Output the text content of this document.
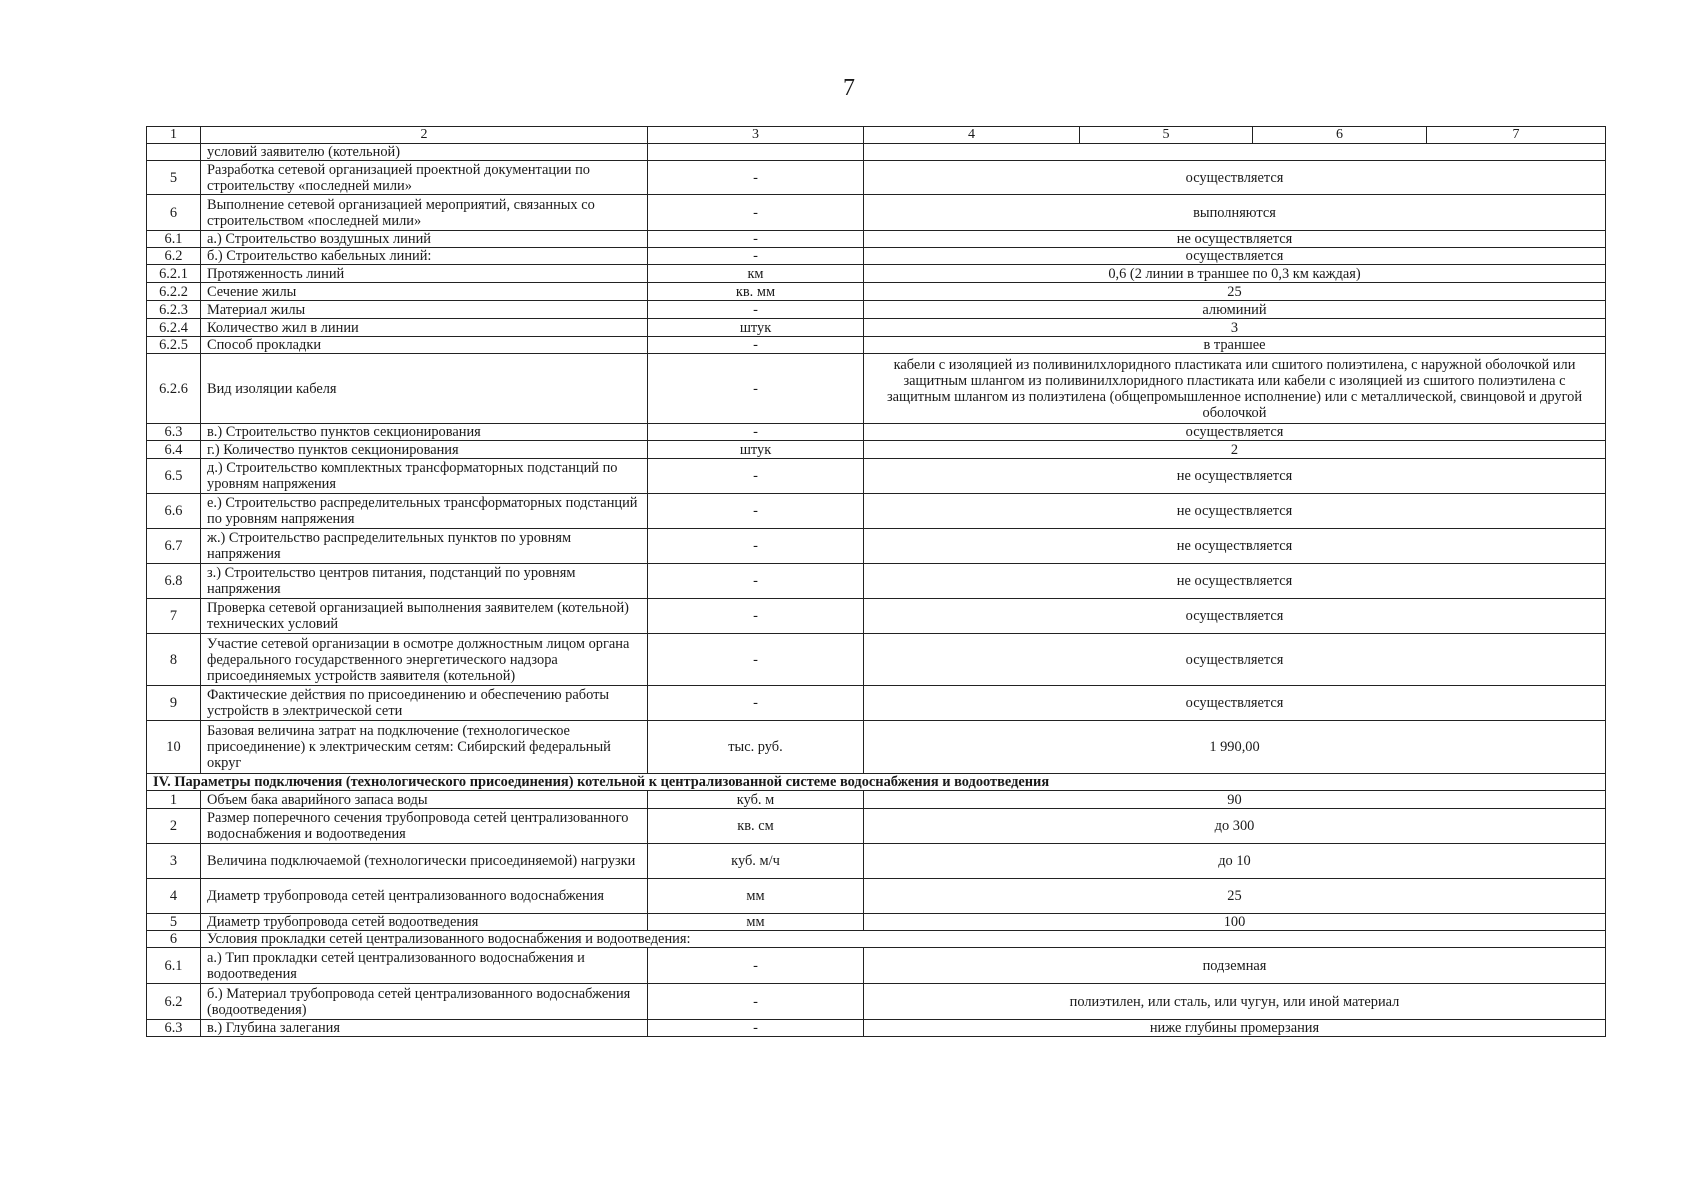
7
1	2	3	4	5	6	7
	условий заявителю (котельной)					
5	Разработка сетевой организацией проектной документации по строительству «последней мили»	-	осуществляется			
6	Выполнение сетевой организацией мероприятий, связанных со строительством «последней мили»	-	выполняются			
6.1	а.) Строительство воздушных линий	-	не осуществляется			
6.2	б.) Строительство кабельных линий:	-	осуществляется			
6.2.1	Протяженность линий	км	0,6 (2 линии в траншее по 0,3 км каждая)			
6.2.2	Сечение жилы	кв. мм	25			
6.2.3	Материал жилы	-	алюминий			
6.2.4	Количество жил в линии	штук	3			
6.2.5	Способ прокладки	-	в траншее			
6.2.6	Вид изоляции кабеля	-	кабели с изоляцией из поливинилхлоридного пластиката или сшитого полиэтилена, с наружной оболочкой или защитным шлангом из поливинилхлоридного пластиката или кабели с изоляцией из сшитого полиэтилена с защитным шлангом из полиэтилена (общепромышленное исполнение) или с металлической, свинцовой и другой оболочкой			
6.3	в.) Строительство пунктов секционирования	-	осуществляется			
6.4	г.) Количество пунктов секционирования	штук	2			
6.5	д.) Строительство комплектных трансформаторных подстанций по уровням напряжения	-	не осуществляется			
6.6	е.) Строительство распределительных трансформаторных подстанций по уровням напряжения	-	не осуществляется			
6.7	ж.) Строительство распределительных пунктов по уровням напряжения	-	не осуществляется			
6.8	з.) Строительство центров питания, подстанций по уровням напряжения	-	не осуществляется			
7	Проверка сетевой организацией выполнения заявителем (котельной) технических условий	-	осуществляется			
8	Участие сетевой организации в осмотре должностным лицом органа федерального государственного энергетического надзора присоединяемых устройств заявителя (котельной)	-	осуществляется			
9	Фактические действия по присоединению и обеспечению работы устройств в электрической сети	-	осуществляется			
10	Базовая величина затрат на подключение (технологическое присоединение) к электрическим сетям: Сибирский федеральный округ	тыс. руб.	1 990,00			
IV. Параметры подключения (технологического присоединения) котельной к централизованной системе водоснабжения и водоотведения						
1	Объем бака аварийного запаса воды	куб. м	90			
2	Размер поперечного сечения трубопровода сетей централизованного водоснабжения и водоотведения	кв. см	до 300			
3	Величина подключаемой (технологически присоединяемой) нагрузки	куб. м/ч	до 10			
4	Диаметр трубопровода сетей централизованного водоснабжения	мм	25			
5	Диаметр трубопровода сетей водоотведения	мм	100			
6	Условия прокладки сетей централизованного водоснабжения и водоотведения:					
6.1	а.) Тип прокладки сетей централизованного водоснабжения и водоотведения	-	подземная			
6.2	б.) Материал трубопровода сетей централизованного водоснабжения (водоотведения)	-	полиэтилен, или сталь, или чугун, или иной материал			
6.3	в.) Глубина залегания	-	ниже глубины промерзания			
